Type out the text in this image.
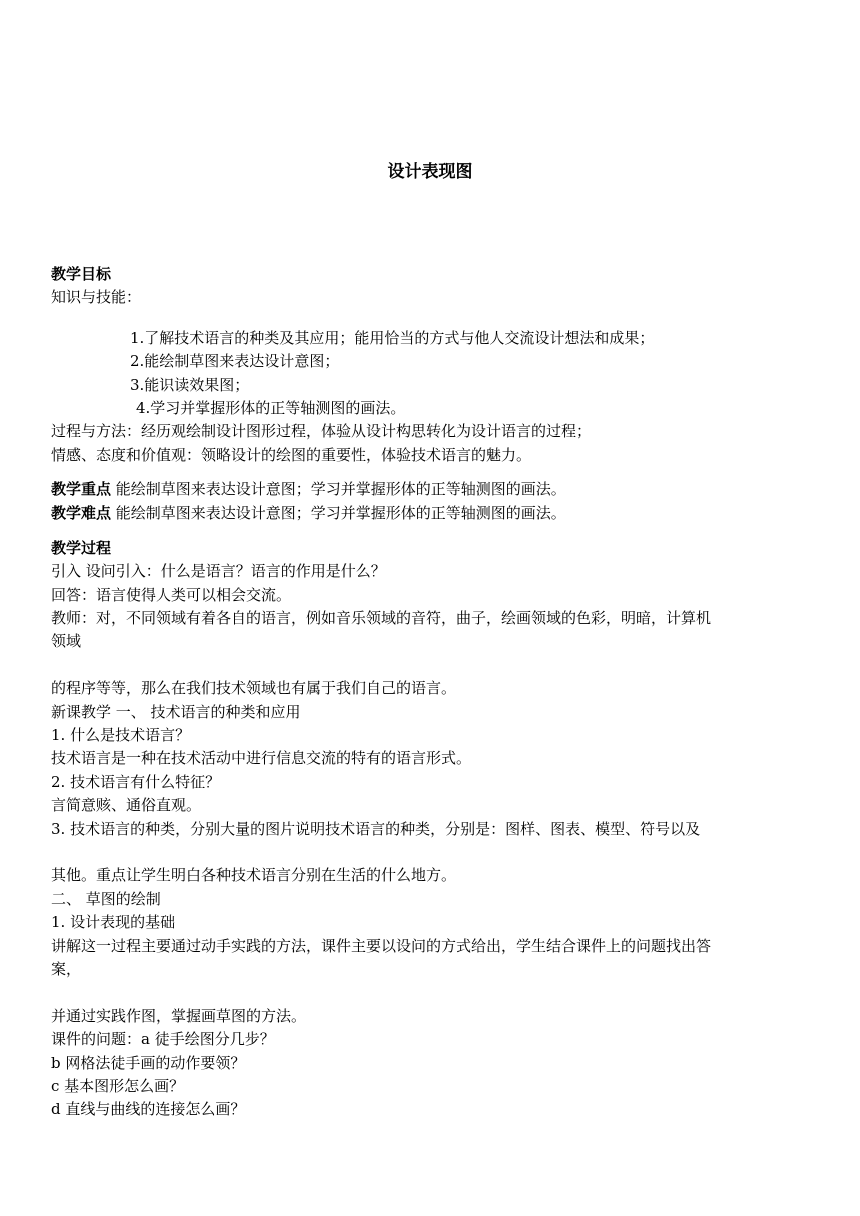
设计表现图
教学目标
知识与技能：
1.了解技术语言的种类及其应用；能用恰当的方式与他人交流设计想法和成果；
2.能绘制草图来表达设计意图；
3.能识读效果图；
4.学习并掌握形体的正等轴测图的画法。
过程与方法：经历观绘制设计图形过程，体验从设计构思转化为设计语言的过程；
情感、态度和价值观：领略设计的绘图的重要性，体验技术语言的魅力。
教学重点 能绘制草图来表达设计意图；学习并掌握形体的正等轴测图的画法。
教学难点 能绘制草图来表达设计意图；学习并掌握形体的正等轴测图的画法。
教学过程
引入 设问引入：什么是语言？语言的作用是什么？
回答：语言使得人类可以相会交流。
教师：对，不同领域有着各自的语言，例如音乐领域的音符，曲子，绘画领域的色彩，明暗，计算机
领域
的程序等等，那么在我们技术领域也有属于我们自己的语言。
新课教学 一、 技术语言的种类和应用
1. 什么是技术语言？
技术语言是一种在技术活动中进行信息交流的特有的语言形式。
2. 技术语言有什么特征？
言简意赅、通俗直观。
3. 技术语言的种类，分别大量的图片说明技术语言的种类，分别是：图样、图表、模型、符号以及
其他。重点让学生明白各种技术语言分别在生活的什么地方。
二、 草图的绘制
1. 设计表现的基础
讲解这一过程主要通过动手实践的方法，课件主要以设问的方式给出，学生结合课件上的问题找出答
案，
并通过实践作图，掌握画草图的方法。
课件的问题：a 徒手绘图分几步？
b 网格法徒手画的动作要领？
c 基本图形怎么画？
d 直线与曲线的连接怎么画？
